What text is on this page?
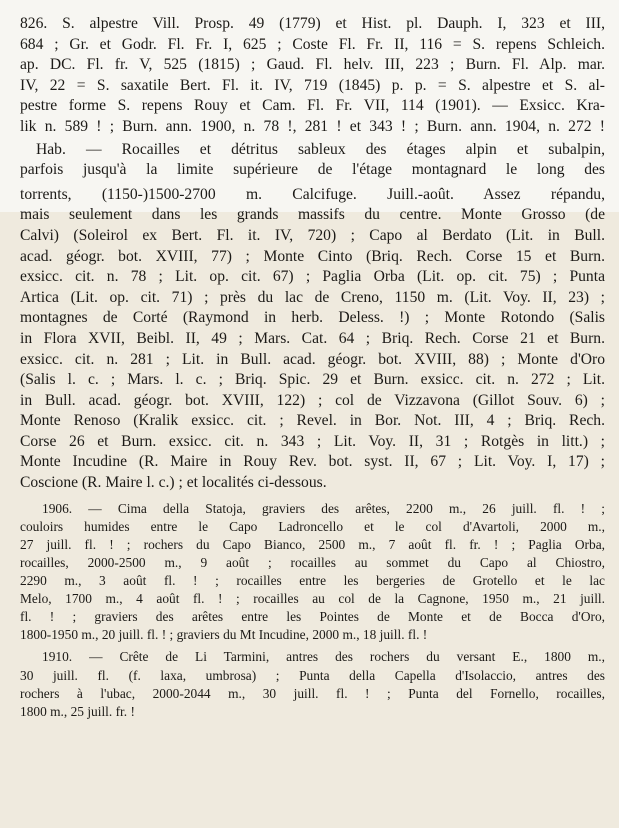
826. S. alpestre Vill. Prosp. 49 (1779) et Hist. pl. Dauph. I, 323 et III,

684 ; Gr. et Godr. Fl. Fr. I, 625 ; Coste Fl. Fr. II, 116 = S. repens Schleich.

ap. DC. Fl. fr. V, 525 (1815) ; Gaud. Fl. helv. III, 223 ; Burn. Fl. Alp. mar.

IV, 22 = S. saxatile Bert. Fl. it. IV, 719 (1845) p. p. = S. alpestre et S. al-

pestre forme S. repens Rouy et Cam. Fl. Fr. VII, 114 (1901). — Exsicc. Kra-

lik n. 589 ! ; Burn. ann. 1900, n. 78 !, 281 ! et 343 ! ; Burn. ann. 1904, n. 272 !

Hab. — Rocailles et détritus sableux des étages alpin et subalpin,

parfois jusqu'à la limite supérieure de l'étage montagnard le long des

torrents, (1150-)1500-2700 m. Calcifuge. Juill.-août. Assez répandu,

mais seulement dans les grands massifs du centre. Monte Grosso (de

Calvi) (Soleirol ex Bert. Fl. it. IV, 720) ; Capo al Berdato (Lit. in Bull.

acad. géogr. bot. XVIII, 77) ; Monte Cinto (Briq. Rech. Corse 15 et Burn.

exsicc. cit. n. 78 ; Lit. op. cit. 67) ; Paglia Orba (Lit. op. cit. 75) ; Punta

Artica (Lit. op. cit. 71) ; près du lac de Creno, 1150 m. (Lit. Voy. II, 23) ;

montagnes de Corté (Raymond in herb. Deless. !) ; Monte Rotondo (Salis

in Flora XVII, Beibl. II, 49 ; Mars. Cat. 64 ; Briq. Rech. Corse 21 et Burn.

exsicc. cit. n. 281 ; Lit. in Bull. acad. géogr. bot. XVIII, 88) ; Monte d'Oro

(Salis l. c. ; Mars. l. c. ; Briq. Spic. 29 et Burn. exsicc. cit. n. 272 ; Lit.

in Bull. acad. géogr. bot. XVIII, 122) ; col de Vizzavona (Gillot Souv. 6) ;

Monte Renoso (Kralik exsicc. cit. ; Revel. in Bor. Not. III, 4 ; Briq. Rech.

Corse 26 et Burn. exsicc. cit. n. 343 ; Lit. Voy. II, 31 ; Rotgès in litt.) ;

Monte Incudine (R. Maire in Rouy Rev. bot. syst. II, 67 ; Lit. Voy. I, 17) ;

Coscione (R. Maire l. c.) ; et localités ci-dessous.

1906. — Cima della Statoja, graviers des arêtes, 2200 m., 26 juill. fl. ! ;

couloirs humides entre le Capo Ladroncello et le col d'Avartoli, 2000 m.,

27 juill. fl. ! ; rochers du Capo Bianco, 2500 m., 7 août fl. fr. ! ; Paglia Orba,

rocailles, 2000-2500 m., 9 août ; rocailles au sommet du Capo al Chiostro,

2290 m., 3 août fl. ! ; rocailles entre les bergeries de Grotello et le lac

Melo, 1700 m., 4 août fl. ! ; rocailles au col de la Cagnone, 1950 m., 21 juill.

fl. ! ; graviers des arêtes entre les Pointes de Monte et de Bocca d'Oro,

1800-1950 m., 20 juill. fl. ! ; graviers du Mt Incudine, 2000 m., 18 juill. fl. !

1910. — Crête de Li Tarmini, antres des rochers du versant E., 1800 m.,

30 juill. fl. (f. laxa, umbrosa) ; Punta della Capella d'Isolaccio, antres des

rochers à l'ubac, 2000-2044 m., 30 juill. fl. ! ; Punta del Fornello, rocailles,

1800 m., 25 juill. fr. !
